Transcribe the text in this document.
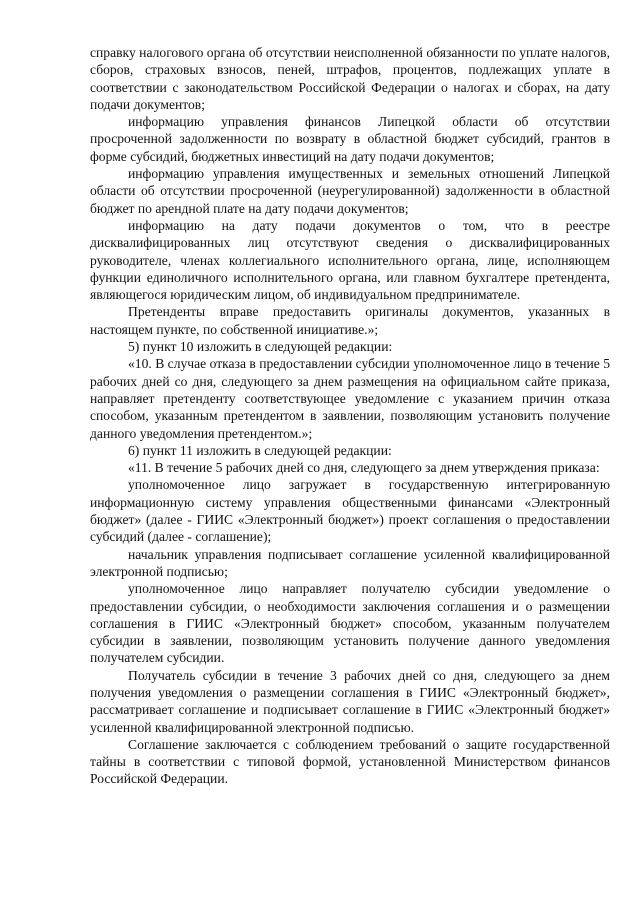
справку налогового органа об отсутствии неисполненной обязанности по уплате налогов, сборов, страховых взносов, пеней, штрафов, процентов, подлежащих уплате в соответствии с законодательством Российской Федерации о налогах и сборах, на дату подачи документов;

информацию управления финансов Липецкой области об отсутствии просроченной задолженности по возврату в областной бюджет субсидий, грантов в форме субсидий, бюджетных инвестиций на дату подачи документов;

информацию управления имущественных и земельных отношений Липецкой области об отсутствии просроченной (неурегулированной) задолженности в областной бюджет по арендной плате на дату подачи документов;

информацию на дату подачи документов о том, что в реестре дисквалифицированных лиц отсутствуют сведения о дисквалифицированных руководителе, членах коллегиального исполнительного органа, лице, исполняющем функции единоличного исполнительного органа, или главном бухгалтере претендента, являющегося юридическим лицом, об индивидуальном предпринимателе.

Претенденты вправе предоставить оригиналы документов, указанных в настоящем пункте, по собственной инициативе.»;

5) пункт 10 изложить в следующей редакции:

«10. В случае отказа в предоставлении субсидии уполномоченное лицо в течение 5 рабочих дней со дня, следующего за днем размещения на официальном сайте приказа, направляет претенденту соответствующее уведомление с указанием причин отказа способом, указанным претендентом в заявлении, позволяющим установить получение данного уведомления претендентом.»;

6) пункт 11 изложить в следующей редакции:

«11. В течение 5 рабочих дней со дня, следующего за днем утверждения приказа:

уполномоченное лицо загружает в государственную интегрированную информационную систему управления общественными финансами «Электронный бюджет» (далее - ГИИС «Электронный бюджет») проект соглашения о предоставлении субсидий (далее - соглашение);

начальник управления подписывает соглашение усиленной квалифицированной электронной подписью;

уполномоченное лицо направляет получателю субсидии уведомление о предоставлении субсидии, о необходимости заключения соглашения и о размещении соглашения в ГИИС «Электронный бюджет» способом, указанным получателем субсидии в заявлении, позволяющим установить получение данного уведомления получателем субсидии.

Получатель субсидии в течение 3 рабочих дней со дня, следующего за днем получения уведомления о размещении соглашения в ГИИС «Электронный бюджет», рассматривает соглашение и подписывает соглашение в ГИИС «Электронный бюджет» усиленной квалифицированной электронной подписью.

Соглашение заключается с соблюдением требований о защите государственной тайны в соответствии с типовой формой, установленной Министерством финансов Российской Федерации.
